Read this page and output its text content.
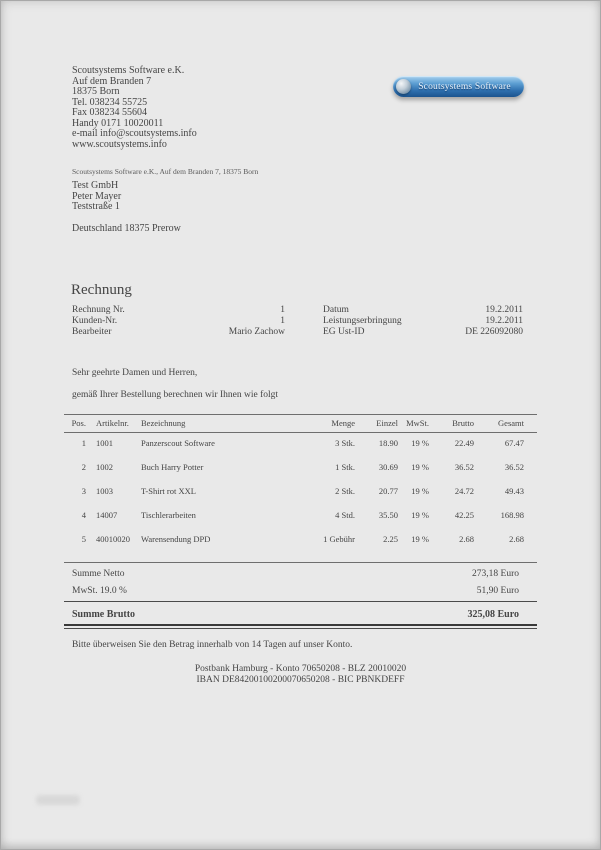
Scoutsystems Software e.K.
Auf dem Branden 7
18375 Born
Tel. 038234 55725
Fax 038234 55604
Handy 0171 10020011
e-mail info@scoutsystems.info
www.scoutsystems.info
Scoutsystems Software
Scoutsystems Software e.K., Auf dem Branden 7, 18375 Born
Test GmbH
Peter Mayer
Teststraße 1
Deutschland 18375 Prerow
Rechnung
Rechnung Nr.	1	Datum	19.2.2011
Kunden-Nr.	1	Leistungserbringung	19.2.2011
Bearbeiter	Mario Zachow	EG Ust-ID	DE 226092080
Sehr geehrte Damen und Herren,
gemäß Ihrer Bestellung berechnen wir Ihnen wie folgt
Pos. Artikelnr.	Bezeichnung	Menge	Einzel MwSt.	Brutto	Gesamt
1 1001	Panzerscout Software	3 Stk.	18.90	19 %	22.49	67.47
2 1002	Buch Harry Potter	1 Stk.	30.69	19 %	36.52	36.52
3 1003	T-Shirt rot XXL	2 Stk.	20.77	19 %	24.72	49.43
4 14007	Tischlerarbeiten	4 Std.	35.50	19 %	42.25	168.98
5 40010020	Warensendung DPD	1 Gebühr	2.25	19 %	2.68	2.68
Summe Netto	273,18 Euro
MwSt. 19.0 %	51,90 Euro
Summe Brutto	325,08 Euro
Bitte überweisen Sie den Betrag innerhalb von 14 Tagen auf unser Konto.
Postbank Hamburg - Konto 70650208 - BLZ 20010020
IBAN DE84200100200070650208 - BIC PBNKDEFF
